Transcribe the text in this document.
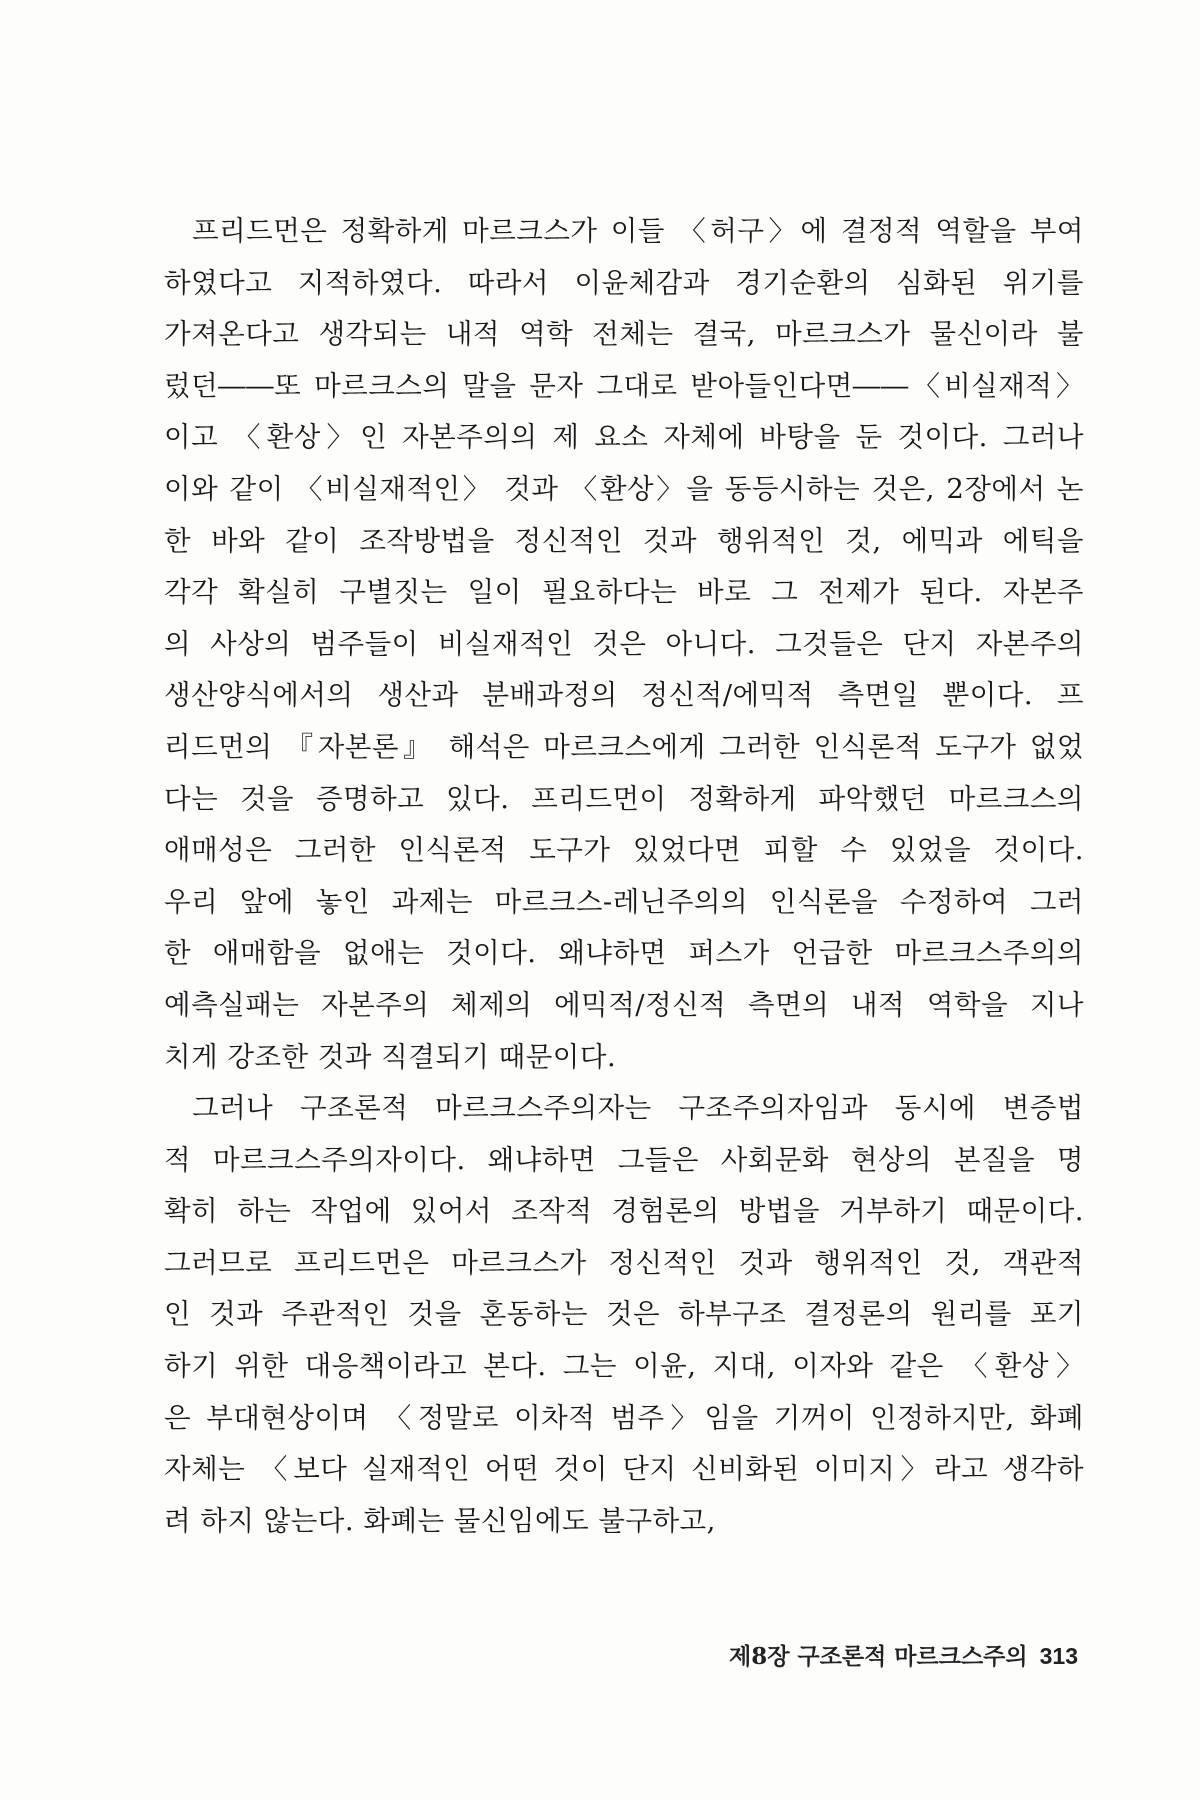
프리드먼은 정확하게 마르크스가 이들 〈허구〉에 결정적 역할을 부여
하였다고 지적하였다. 따라서 이윤체감과 경기순환의 심화된 위기를
가져온다고 생각되는 내적 역학 전체는 결국, 마르크스가 물신이라 불
렀던――또 마르크스의 말을 문자 그대로 받아들인다면――〈비실재적〉
이고 〈환상〉인 자본주의의 제 요소 자체에 바탕을 둔 것이다. 그러나
이와 같이 〈비실재적인〉 것과 〈환상〉을 동등시하는 것은, 2장에서 논
한 바와 같이 조작방법을 정신적인 것과 행위적인 것, 에믹과 에틱을
각각 확실히 구별짓는 일이 필요하다는 바로 그 전제가 된다. 자본주
의 사상의 범주들이 비실재적인 것은 아니다. 그것들은 단지 자본주의
생산양식에서의 생산과 분배과정의 정신적/에믹적 측면일 뿐이다. 프
리드먼의 『자본론』 해석은 마르크스에게 그러한 인식론적 도구가 없었
다는 것을 증명하고 있다. 프리드먼이 정확하게 파악했던 마르크스의
애매성은 그러한 인식론적 도구가 있었다면 피할 수 있었을 것이다.
우리 앞에 놓인 과제는 마르크스-레닌주의의 인식론을 수정하여 그러
한 애매함을 없애는 것이다. 왜냐하면 퍼스가 언급한 마르크스주의의
예측실패는 자본주의 체제의 에믹적/정신적 측면의 내적 역학을 지나
치게 강조한 것과 직결되기 때문이다.
그러나 구조론적 마르크스주의자는 구조주의자임과 동시에 변증법
적 마르크스주의자이다. 왜냐하면 그들은 사회문화 현상의 본질을 명
확히 하는 작업에 있어서 조작적 경험론의 방법을 거부하기 때문이다.
그러므로 프리드먼은 마르크스가 정신적인 것과 행위적인 것, 객관적
인 것과 주관적인 것을 혼동하는 것은 하부구조 결정론의 원리를 포기
하기 위한 대응책이라고 본다. 그는 이윤, 지대, 이자와 같은 〈환상〉
은 부대현상이며 〈정말로 이차적 범주〉임을 기꺼이 인정하지만, 화폐
자체는 〈보다 실재적인 어떤 것이 단지 신비화된 이미지〉라고 생각하
려 하지 않는다. 화폐는 물신임에도 불구하고,
제8장 구조론적 마르크스주의 313
